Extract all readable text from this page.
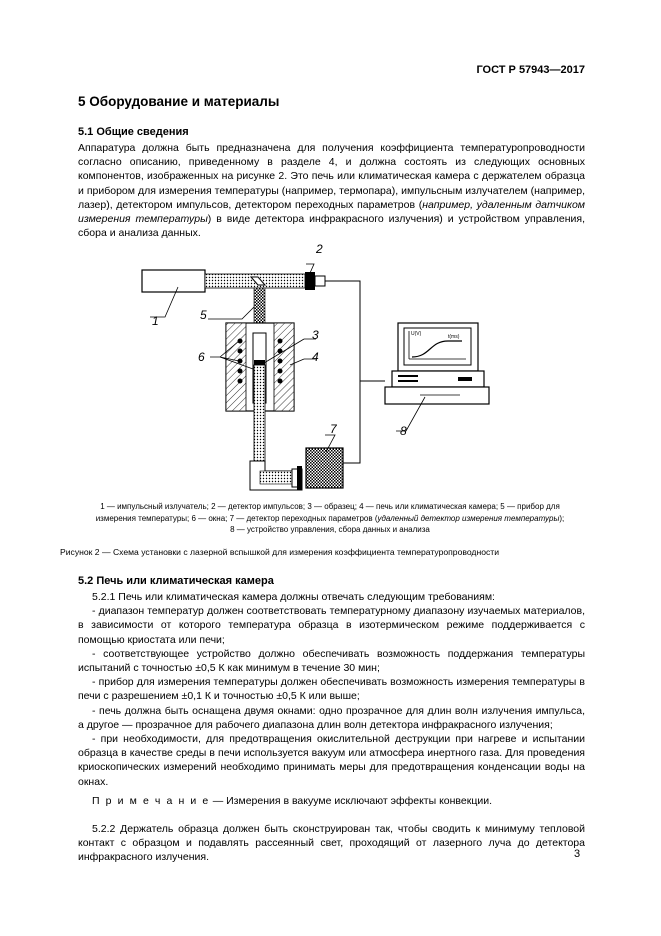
ГОСТ Р 57943—2017
5 Оборудование и материалы
5.1 Общие сведения
Аппаратура должна быть предназначена для получения коэффициента температуропроводности согласно описанию, приведенному в разделе 4, и должна состоять из следующих основных компонентов, изображенных на рисунке 2. Это печь или климатическая камера с держателем образца и прибором для измерения температуры (например, термопара), импульсным излучателем (например, лазер), детектором импульсов, детектором переходных параметров (например, удаленным датчиком измерения температуры) в виде детектора инфракрасного излучения) и устройством управления, сбора и анализа данных.
1
2
3
4
5
6
7	8
U(V)	t(ms)
1 — импульсный излучатель; 2 — детектор импульсов; 3 — образец; 4 — печь или климатическая камера; 5 — прибор для
измерения температуры; 6 — окна; 7 — детектор переходных параметров (удаленный детектор измерения температуры);
8 — устройство управления, сбора данных и анализа
Рисунок 2 — Схема установки с лазерной вспышкой для измерения коэффициента температуропроводности
5.2 Печь или климатическая камера
5.2.1 Печь или климатическая камера должны отвечать следующим требованиям:
- диапазон температур должен соответствовать температурному диапазону изучаемых материалов, в зависимости от которого температура образца в изотермическом режиме поддерживается с помощью криостата или печи;
- соответствующее устройство должно обеспечивать возможность поддержания температуры испытаний с точностью ±0,5 К как минимум в течение 30 мин;
- прибор для измерения температуры должен обеспечивать возможность измерения температуры в печи с разрешением ±0,1 К и точностью ±0,5 К или выше;
- печь должна быть оснащена двумя окнами: одно прозрачное для длин волн излучения импульса, а другое — прозрачное для рабочего диапазона длин волн детектора инфракрасного излучения;
- при необходимости, для предотвращения окислительной деструкции при нагреве и испытании образца в качестве среды в печи используется вакуум или атмосфера инертного газа. Для проведения криоскопических измерений необходимо принимать меры для предотвращения конденсации воды на окнах.
П р и м е ч а н и е — Измерения в вакууме исключают эффекты конвекции.
5.2.2 Держатель образца должен быть сконструирован так, чтобы сводить к минимуму тепловой контакт с образцом и подавлять рассеянный свет, проходящий от лазерного луча до детектора инфракрасного излучения.	3
